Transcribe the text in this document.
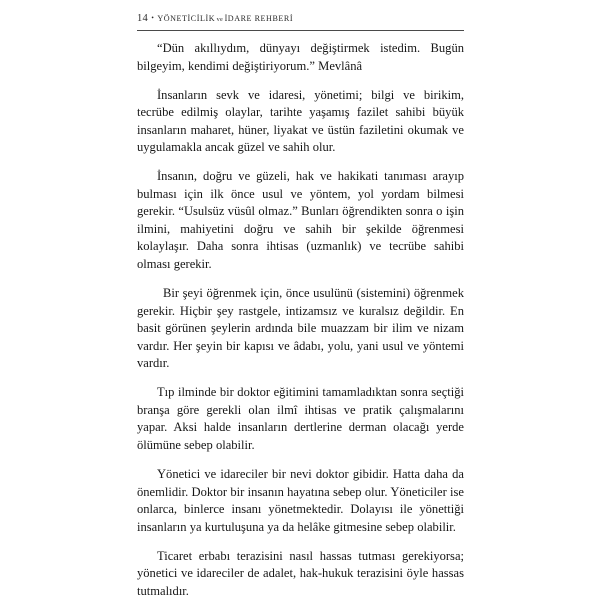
14 • YÖNETİCİLİK ve İDARE REHBERİ

“Dün akıllıydım, dünyayı değiştirmek istedim. Bugün bilgeyim, kendimi değiştiriyorum.” Mevlânâ

İnsanların sevk ve idaresi, yönetimi; bilgi ve birikim, tecrübe edilmiş olaylar, tarihte yaşamış fazilet sahibi büyük insanların maharet, hüner, liyakat ve üstün faziletini okumak ve uygulamakla ancak güzel ve sahih olur.

İnsanın, doğru ve güzeli, hak ve hakikati tanıması arayıp bulması için ilk önce usul ve yöntem, yol yordam bilmesi gerekir. “Usulsüz vüsûl olmaz.” Bunları öğrendikten sonra o işin ilmini, mahiyetini doğru ve sahih bir şekilde öğrenmesi kolaylaşır. Daha sonra ihtisas (uzmanlık) ve tecrübe sahibi olması gerekir.

Bir şeyi öğrenmek için, önce usulünü (sistemini) öğrenmek gerekir. Hiçbir şey rastgele, intizamsız ve kuralsız değildir. En basit görünen şeylerin ardında bile muazzam bir ilim ve nizam vardır. Her şeyin bir kapısı ve âdabı, yolu, yani usul ve yöntemi vardır.

Tıp ilminde bir doktor eğitimini tamamladıktan sonra seçtiği branşa göre gerekli olan ilmî ihtisas ve pratik çalışmalarını yapar. Aksi halde insanların dertlerine derman olacağı yerde ölümüne sebep olabilir.

Yönetici ve idareciler bir nevi doktor gibidir. Hatta daha da önemlidir. Doktor bir insanın hayatına sebep olur. Yöneticiler ise onlarca, binlerce insanı yönetmektedir. Dolayısı ile yönettiği insanların ya kurtuluşuna ya da helâke gitmesine sebep olabilir.

Ticaret erbabı terazisini nasıl hassas tutması gerekiyorsa; yönetici ve idareciler de adalet, hak-hukuk terazisini öyle hassas tutmalıdır.
